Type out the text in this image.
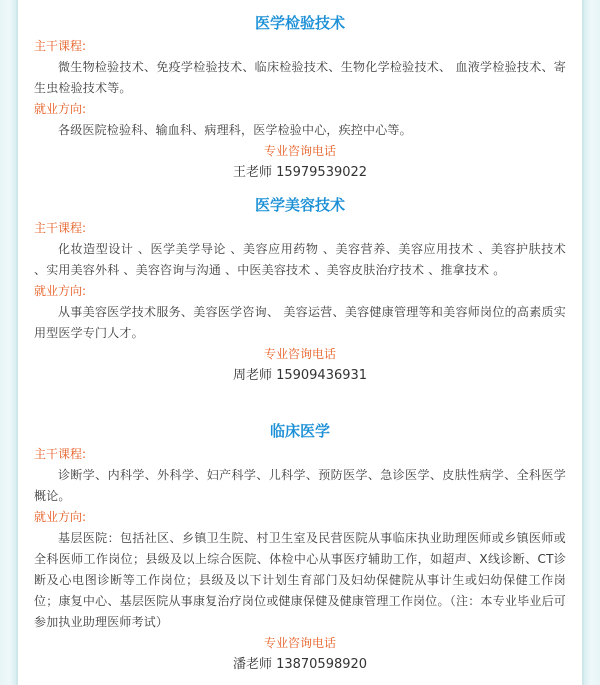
医学检验技术
主干课程:

微生物检验技术、免疫学检验技术、临床检验技术、生物化学检验技术、 血液学检验技术、寄生虫检验技术等。

就业方向:

各级医院检验科、输血科、病理科，医学检验中心，疾控中心等。

专业咨询电话
王老师 15979539022
医学美容技术
主干课程:

化妆造型设计 、医学美学导论 、美容应用药物 、美容营养、美容应用技术 、美容护肤技术 、实用美容外科 、美容咨询与沟通 、中医美容技术 、美容皮肤治疗技术 、推拿技术 。

就业方向:

从事美容医学技术服务、美容医学咨询、 美容运营、美容健康管理等和美容师岗位的高素质实用型医学专门人才。

专业咨询电话
周老师 15909436931
临床医学
主干课程:

诊断学、内科学、外科学、妇产科学、儿科学、预防医学、急诊医学、皮肤性病学、全科医学概论。

就业方向:

基层医院：包括社区、乡镇卫生院、村卫生室及民营医院从事临床执业助理医师或乡镇医师或全科医师工作岗位；县级及以上综合医院、体检中心从事医疗辅助工作，如超声、X线诊断、CT诊断及心电图诊断等工作岗位；县级及以下计划生育部门及妇幼保健院从事计生或妇幼保健工作岗位；康复中心、基层医院从事康复治疗岗位或健康保健及健康管理工作岗位。（注：本专业毕业后可参加执业助理医师考试）

专业咨询电话
潘老师 13870598920
